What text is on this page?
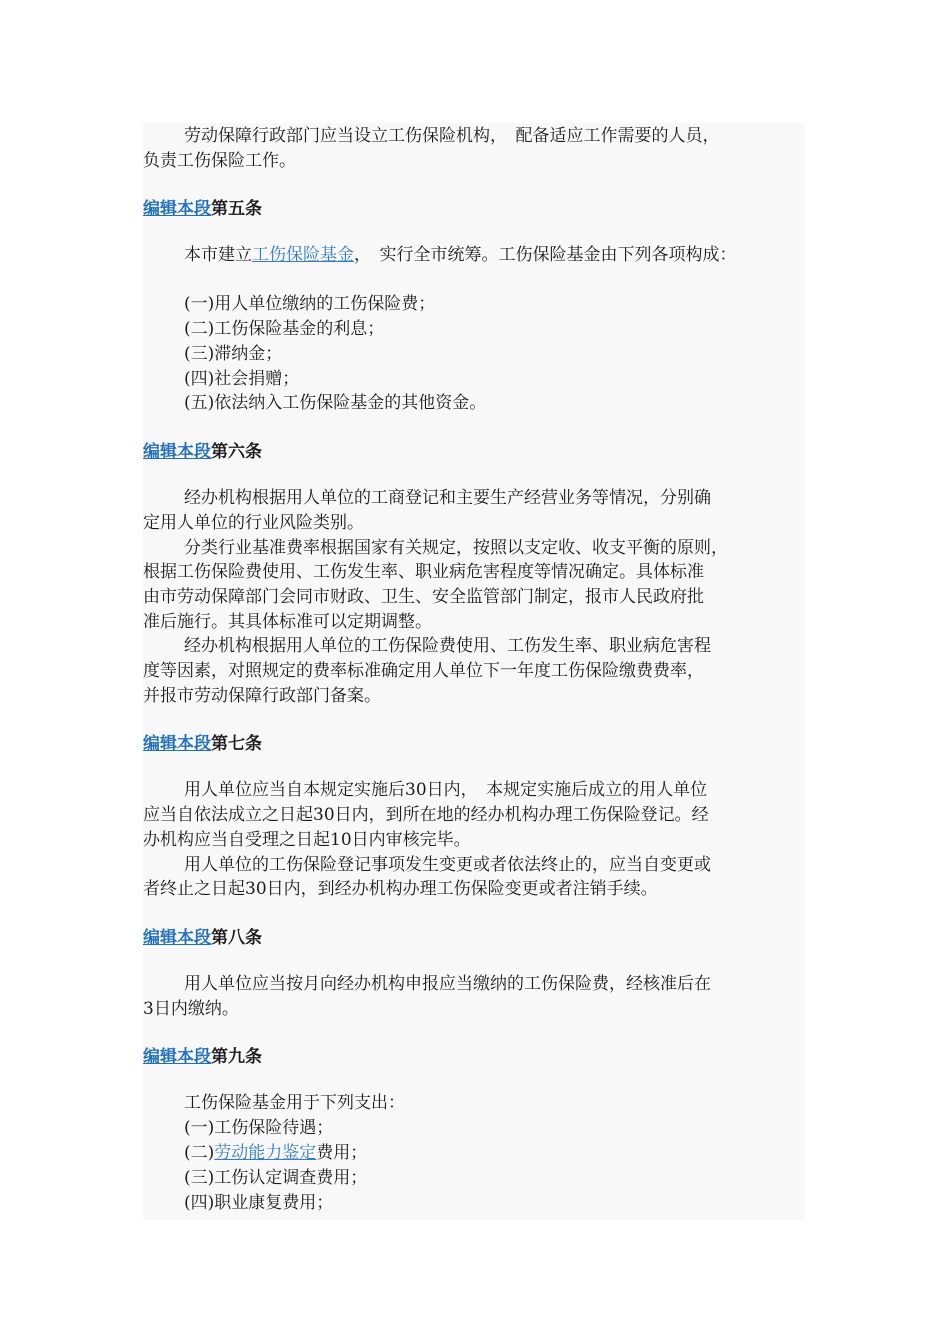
劳动保障行政部门应当设立工伤保险机构，　配备适应工作需要的人员，

负责工伤保险工作。

编辑本段第五条

本市建立工伤保险基金，　实行全市统筹。工伤保险基金由下列各项构成：

(一)用人单位缴纳的工伤保险费；

(二)工伤保险基金的利息；

(三)滞纳金；

(四)社会捐赠；

(五)依法纳入工伤保险基金的其他资金。

编辑本段第六条

经办机构根据用人单位的工商登记和主要生产经营业务等情况，分别确

定用人单位的行业风险类别。

分类行业基准费率根据国家有关规定，按照以支定收、收支平衡的原则，

根据工伤保险费使用、工伤发生率、职业病危害程度等情况确定。具体标准

由市劳动保障部门会同市财政、卫生、安全监管部门制定，报市人民政府批

准后施行。其具体标准可以定期调整。

经办机构根据用人单位的工伤保险费使用、工伤发生率、职业病危害程

度等因素，对照规定的费率标准确定用人单位下一年度工伤保险缴费费率，

并报市劳动保障行政部门备案。

编辑本段第七条

用人单位应当自本规定实施后30日内，　本规定实施后成立的用人单位

应当自依法成立之日起30日内，到所在地的经办机构办理工伤保险登记。经

办机构应当自受理之日起10日内审核完毕。

用人单位的工伤保险登记事项发生变更或者依法终止的，应当自变更或

者终止之日起30日内，到经办机构办理工伤保险变更或者注销手续。

编辑本段第八条

用人单位应当按月向经办机构申报应当缴纳的工伤保险费，经核准后在

3日内缴纳。

编辑本段第九条

工伤保险基金用于下列支出：

(一)工伤保险待遇；

(二)劳动能力鉴定费用；

(三)工伤认定调查费用；

(四)职业康复费用；
